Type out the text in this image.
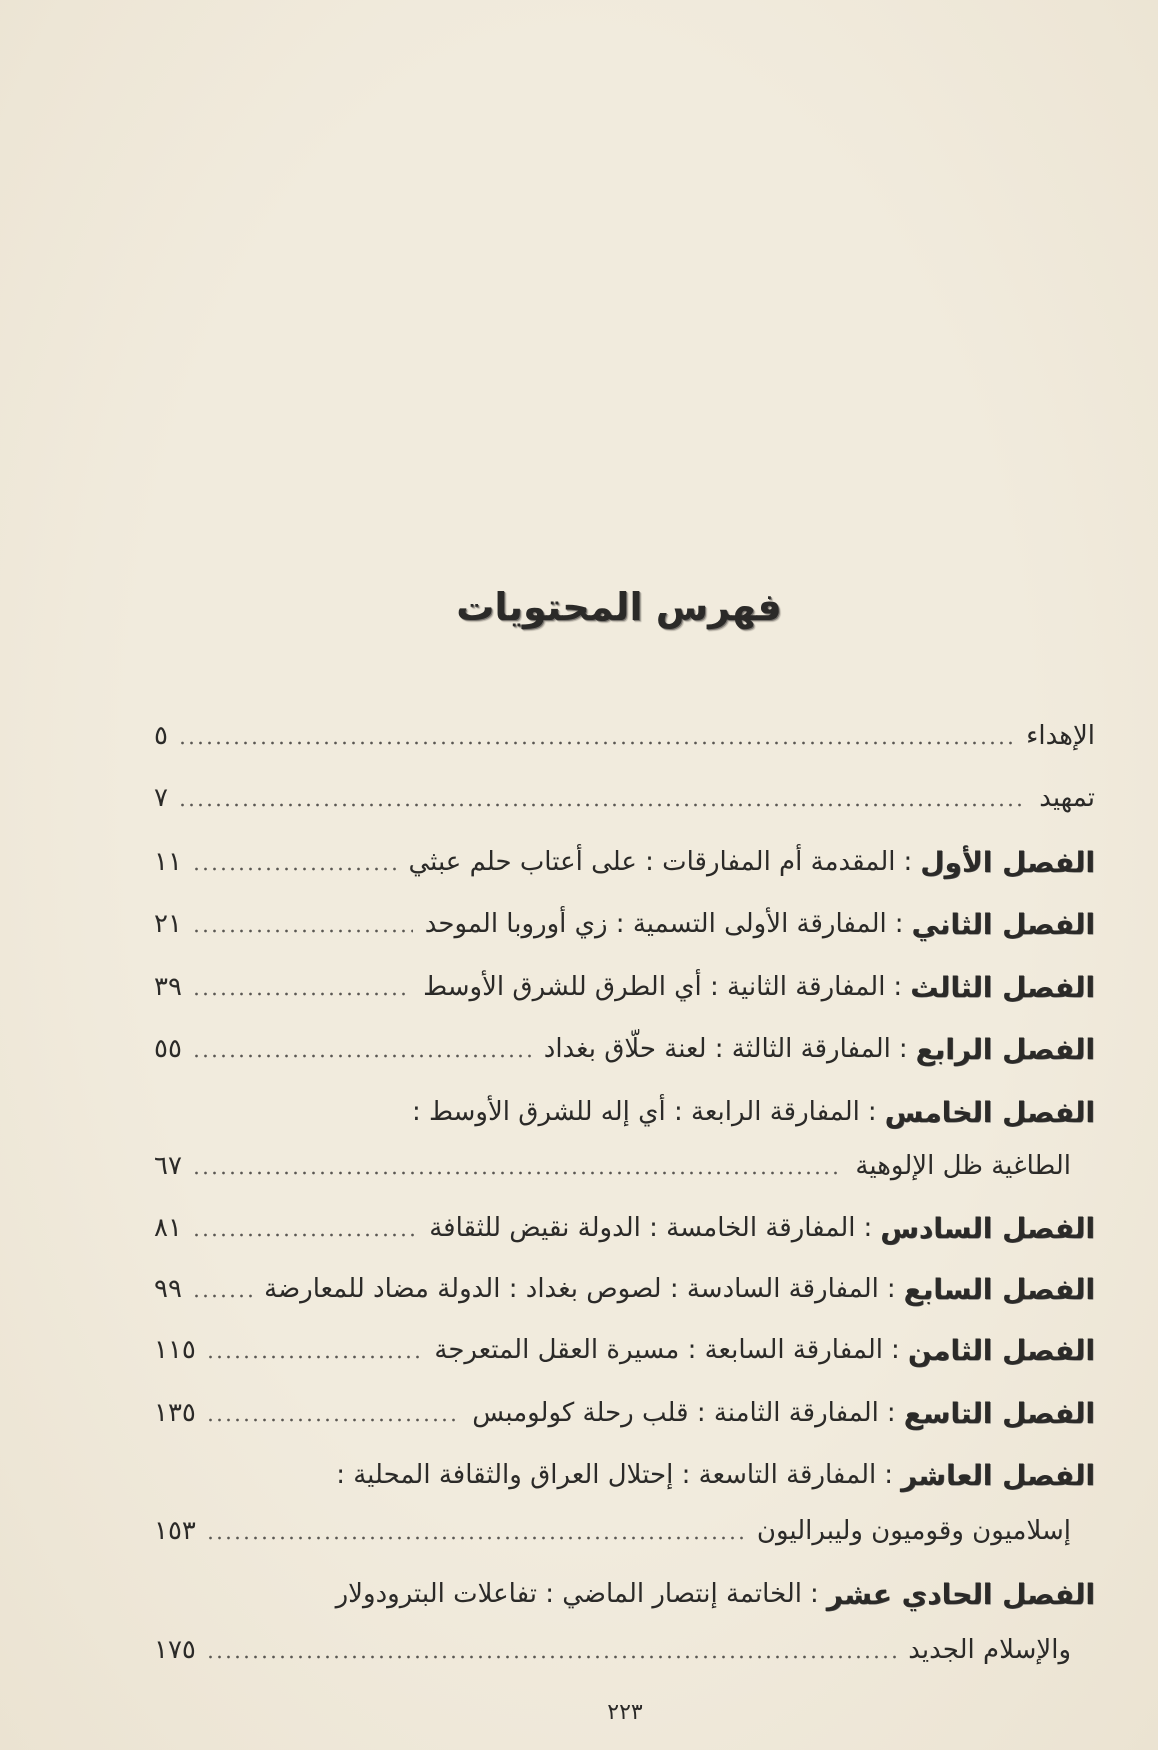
فهرس المحتويات
الإهداء
٥
تمهيد
٧
الفصل الأول
:
المقدمة أم المفارقات : على أعتاب حلم عبثي
١١
الفصل الثاني
:
المفارقة الأولى التسمية : زي أوروبا الموحد
٢١
الفصل الثالث
:
المفارقة الثانية : أي الطرق للشرق الأوسط
٣٩
الفصل الرابع
:
المفارقة الثالثة : لعنة حلّاق بغداد
٥٥
الفصل الخامس
:
المفارقة الرابعة : أي إله للشرق الأوسط :
الطاغية ظل الإلوهية
٦٧
الفصل السادس
:
المفارقة الخامسة : الدولة نقيض للثقافة
٨١
الفصل السابع
:
المفارقة السادسة : لصوص بغداد : الدولة مضاد للمعارضة
٩٩
الفصل الثامن
:
المفارقة السابعة : مسيرة العقل المتعرجة
١١٥
الفصل التاسع
:
المفارقة الثامنة : قلب رحلة كولومبس
١٣٥
الفصل العاشر
:
المفارقة التاسعة : إحتلال العراق والثقافة المحلية :
إسلاميون وقوميون وليبراليون
١٥٣
الفصل الحادي عشر
:
الخاتمة إنتصار الماضي : تفاعلات البترودولار
والإسلام الجديد
١٧٥
٢٢٣
